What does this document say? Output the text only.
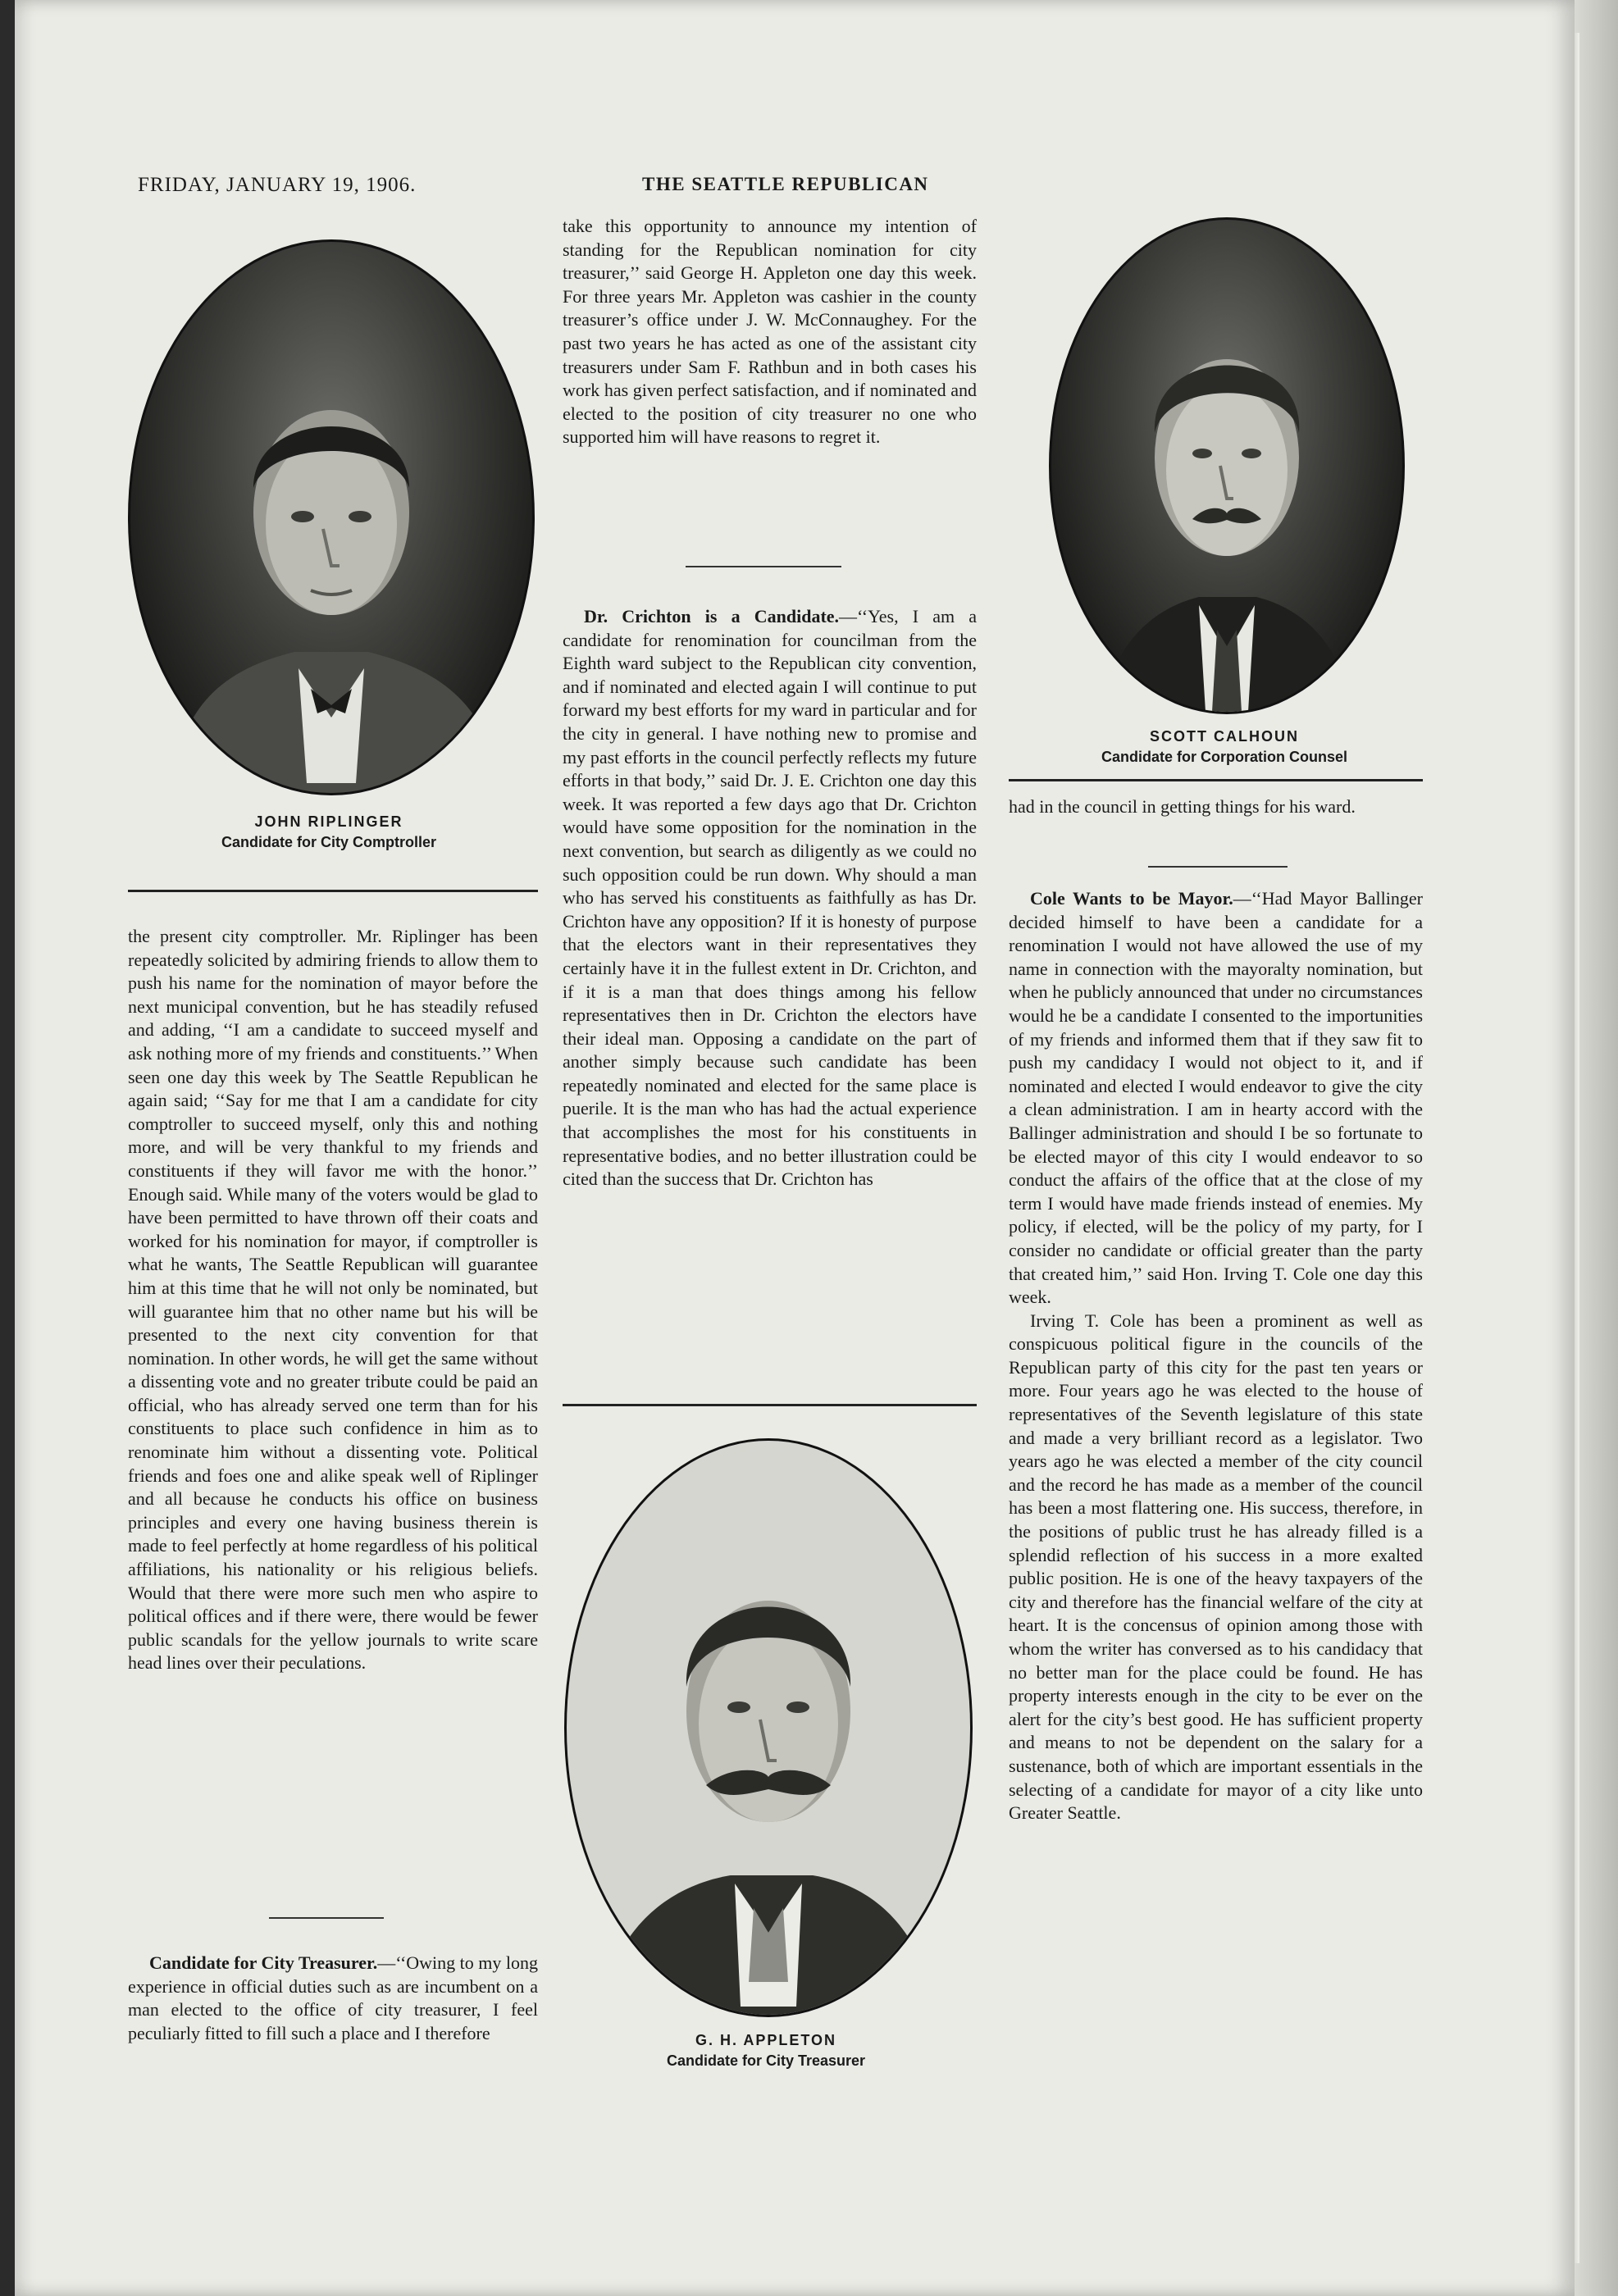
FRIDAY, JANUARY 19, 1906.	THE SEATTLE REPUBLICAN
JOHN RIPLINGER
Candidate for City Comptroller

the present city comptroller. Mr. Riplinger has been repeatedly solicited by admiring friends to allow them to push his name for the nomination of mayor before the next municipal convention, but he has steadily refused and adding, ‘‘I am a candidate to succeed myself and ask nothing more of my friends and constituents.’’ When seen one day this week by The Seattle Republican he again said; ‘‘Say for me that I am a candidate for city comptroller to succeed myself, only this and nothing more, and will be very thankful to my friends and constituents if they will favor me with the honor.’’ Enough said. While many of the voters would be glad to have been permitted to have thrown off their coats and worked for his nomination for mayor, if comptroller is what he wants, The Seattle Republican will guarantee him at this time that he will not only be nominated, but will guarantee him that no other name but his will be presented to the next city convention for that nomination. In other words, he will get the same without a dissenting vote and no greater tribute could be paid an official, who has already served one term than for his constituents to place such confidence in him as to renominate him without a dissenting vote. Political friends and foes one and alike speak well of Riplinger and all because he conducts his office on business principles and every one having business therein is made to feel perfectly at home regardless of his political affiliations, his nationality or his religious beliefs. Would that there were more such men who aspire to political offices and if there were, there would be fewer public scandals for the yellow journals to write scare head lines over their peculations.

Candidate for City Treasurer.—‘‘Owing to my long experience in official duties such as are incumbent on a man elected to the office of city treasurer, I feel peculiarly fitted to fill such a place and I therefore

take this opportunity to announce my intention of standing for the Republican nomination for city treasurer,’’ said George H. Appleton one day this week. For three years Mr. Appleton was cashier in the county treasurer’s office under J. W. McConnaughey. For the past two years he has acted as one of the assistant city treasurers under Sam F. Rathbun and in both cases his work has given perfect satisfaction, and if nominated and elected to the position of city treasurer no one who supported him will have reasons to regret it.

Dr. Crichton is a Candidate.—‘‘Yes, I am a candidate for renomination for councilman from the Eighth ward subject to the Republican city convention, and if nominated and elected again I will continue to put forward my best efforts for my ward in particular and for the city in general. I have nothing new to promise and my past efforts in the council perfectly reflects my future efforts in that body,’’ said Dr. J. E. Crichton one day this week. It was reported a few days ago that Dr. Crichton would have some opposition for the nomination in the next convention, but search as diligently as we could no such opposition could be run down. Why should a man who has served his constituents as faithfully as has Dr. Crichton have any opposition? If it is honesty of purpose that the electors want in their representatives they certainly have it in the fullest extent in Dr. Crichton, and if it is a man that does things among his fellow representatives then in Dr. Crichton the electors have their ideal man. Opposing a candidate on the part of another simply because such candidate has been repeatedly nominated and elected for the same place is puerile. It is the man who has had the actual experience that accomplishes the most for his constituents in representative bodies, and no better illustration could be cited than the success that Dr. Crichton has

G. H. APPLETON
Candidate for City Treasurer
SCOTT CALHOUN
Candidate for Corporation Counsel

had in the council in getting things for his ward.

Cole Wants to be Mayor.—‘‘Had Mayor Ballinger decided himself to have been a candidate for a renomination I would not have allowed the use of my name in connection with the mayoralty nomination, but when he publicly announced that under no circumstances would he be a candidate I consented to the importunities of my friends and informed them that if they saw fit to push my candidacy I would not object to it, and if nominated and elected I would endeavor to give the city a clean administration. I am in hearty accord with the Ballinger administration and should I be so fortunate to be elected mayor of this city I would endeavor to so conduct the affairs of the office that at the close of my term I would have made friends instead of enemies. My policy, if elected, will be the policy of my party, for I consider no candidate or official greater than the party that created him,’’ said Hon. Irving T. Cole one day this week.

Irving T. Cole has been a prominent as well as conspicuous political figure in the councils of the Republican party of this city for the past ten years or more. Four years ago he was elected to the house of representatives of the Seventh legislature of this state and made a very brilliant record as a legislator. Two years ago he was elected a member of the city council and the record he has made as a member of the council has been a most flattering one. His success, therefore, in the positions of public trust he has already filled is a splendid reflection of his success in a more exalted public position. He is one of the heavy taxpayers of the city and therefore has the financial welfare of the city at heart. It is the concensus of opinion among those with whom the writer has conversed as to his candidacy that no better man for the place could be found. He has property interests enough in the city to be ever on the alert for the city’s best good. He has sufficient property and means to not be dependent on the salary for a sustenance, both of which are important essentials in the selecting of a candidate for mayor of a city like unto Greater Seattle.
